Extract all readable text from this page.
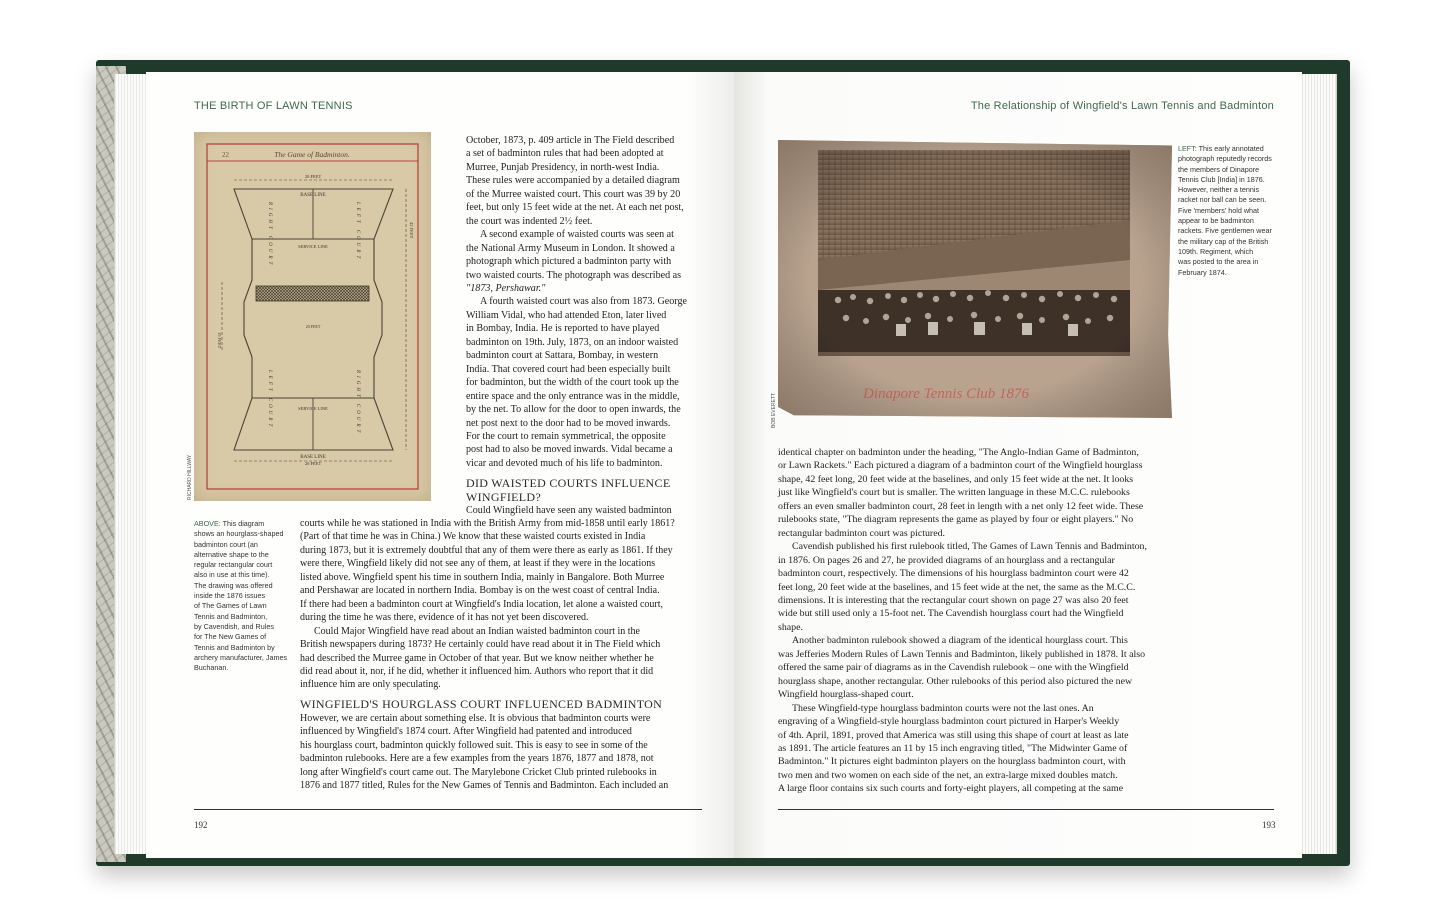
THE BIRTH OF LAWN TENNIS
22	The Game of Badminton.
20 FEET
20 FEET
42 FEET
15 FEET
BASE LINE
SERVICE LINE
20 FEET
SERVICE LINE
BASE LINE
RIGHT COURT	LEFT COURT
LEFT COURT	RIGHT COURT
RICHARD HILLWAY
ABOVE: This diagram
shows an hourglass-shaped
badminton court (an
alternative shape to the
regular rectangular court
also in use at this time).
The drawing was offered
inside the 1876 issues
of The Games of Lawn
Tennis and Badminton,
by Cavendish, and Rules
for The New Games of
Tennis and Badminton by
archery manufacturer, James
Buchanan.

October, 1873, p. 409 article in The Field described

a set of badminton rules that had been adopted at

Murree, Punjab Presidency, in north-west India.

These rules were accompanied by a detailed diagram

of the Murree waisted court. This court was 39 by 20

feet, but only 15 feet wide at the net. At each net post,

the court was indented 2½ feet.

A second example of waisted courts was seen at

the National Army Museum in London. It showed a

photograph which pictured a badminton party with

two waisted courts. The photograph was described as

"1873, Pershawar."

A fourth waisted court was also from 1873. George

William Vidal, who had attended Eton, later lived

in Bombay, India. He is reported to have played

badminton on 19th. July, 1873, on an indoor waisted

badminton court at Sattara, Bombay, in western

India. That covered court had been especially built

for badminton, but the width of the court took up the

entire space and the only entrance was in the middle,

by the net. To allow for the door to open inwards, the

net post next to the door had to be moved inwards.

For the court to remain symmetrical, the opposite

post had to also be moved inwards. Vidal became a

vicar and devoted much of his life to badminton.

DID WAISTED COURTS INFLUENCE WINGFIELD?

Could Wingfield have seen any waisted badminton

courts while he was stationed in India with the British Army from mid-1858 until early 1861?

(Part of that time he was in China.) We know that these waisted courts existed in India

during 1873, but it is extremely doubtful that any of them were there as early as 1861. If they

were there, Wingfield likely did not see any of them, at least if they were in the locations

listed above. Wingfield spent his time in southern India, mainly in Bangalore. Both Murree

and Pershawar are located in northern India. Bombay is on the west coast of central India.

If there had been a badminton court at Wingfield's India location, let alone a waisted court,

during the time he was there, evidence of it has not yet been discovered.

Could Major Wingfield have read about an Indian waisted badminton court in the

British newspapers during 1873? He certainly could have read about it in The Field which

had described the Murree game in October of that year. But we know neither whether he

did read about it, nor, if he did, whether it influenced him. Authors who report that it did

influence him are only speculating.

WINGFIELD'S HOURGLASS COURT INFLUENCED BADMINTON

However, we are certain about something else. It is obvious that badminton courts were

influenced by Wingfield's 1874 court. After Wingfield had patented and introduced

his hourglass court, badminton quickly followed suit. This is easy to see in some of the

badminton rulebooks. Here are a few examples from the years 1876, 1877 and 1878, not

long after Wingfield's court came out. The Marylebone Cricket Club printed rulebooks in

1876 and 1877 titled, Rules for the New Games of Tennis and Badminton. Each included an

192
The Relationship of Wingfield's Lawn Tennis and Badminton
Dinapore Tennis Club 1876
BOB EVERETT
LEFT: This early annotated
photograph reputedly records
the members of Dinapore
Tennis Club [India] in 1876.
However, neither a tennis
racket nor ball can be seen.
Five 'members' hold what
appear to be badminton
rackets. Five gentlemen wear
the military cap of the British
109th. Regiment, which
was posted to the area in
February 1874.

identical chapter on badminton under the heading, "The Anglo-Indian Game of Badminton,

or Lawn Rackets." Each pictured a diagram of a badminton court of the Wingfield hourglass

shape, 42 feet long, 20 feet wide at the baselines, and only 15 feet wide at the net. It looks

just like Wingfield's court but is smaller. The written language in these M.C.C. rulebooks

offers an even smaller badminton court, 28 feet in length with a net only 12 feet wide. These

rulebooks state, "The diagram represents the game as played by four or eight players." No

rectangular badminton court was pictured.

Cavendish published his first rulebook titled, The Games of Lawn Tennis and Badminton,

in 1876. On pages 26 and 27, he provided diagrams of an hourglass and a rectangular

badminton court, respectively. The dimensions of his hourglass badminton court were 42

feet long, 20 feet wide at the baselines, and 15 feet wide at the net, the same as the M.C.C.

dimensions. It is interesting that the rectangular court shown on page 27 was also 20 feet

wide but still used only a 15-foot net. The Cavendish hourglass court had the Wingfield

shape.

Another badminton rulebook showed a diagram of the identical hourglass court. This

was Jefferies Modern Rules of Lawn Tennis and Badminton, likely published in 1878. It also

offered the same pair of diagrams as in the Cavendish rulebook – one with the Wingfield

hourglass shape, another rectangular. Other rulebooks of this period also pictured the new

Wingfield hourglass-shaped court.

These Wingfield-type hourglass badminton courts were not the last ones. An

engraving of a Wingfield-style hourglass badminton court pictured in Harper's Weekly

of 4th. April, 1891, proved that America was still using this shape of court at least as late

as 1891. The article features an 11 by 15 inch engraving titled, "The Midwinter Game of

Badminton." It pictures eight badminton players on the hourglass badminton court, with

two men and two women on each side of the net, an extra-large mixed doubles match.

A large floor contains six such courts and forty-eight players, all competing at the same

193
